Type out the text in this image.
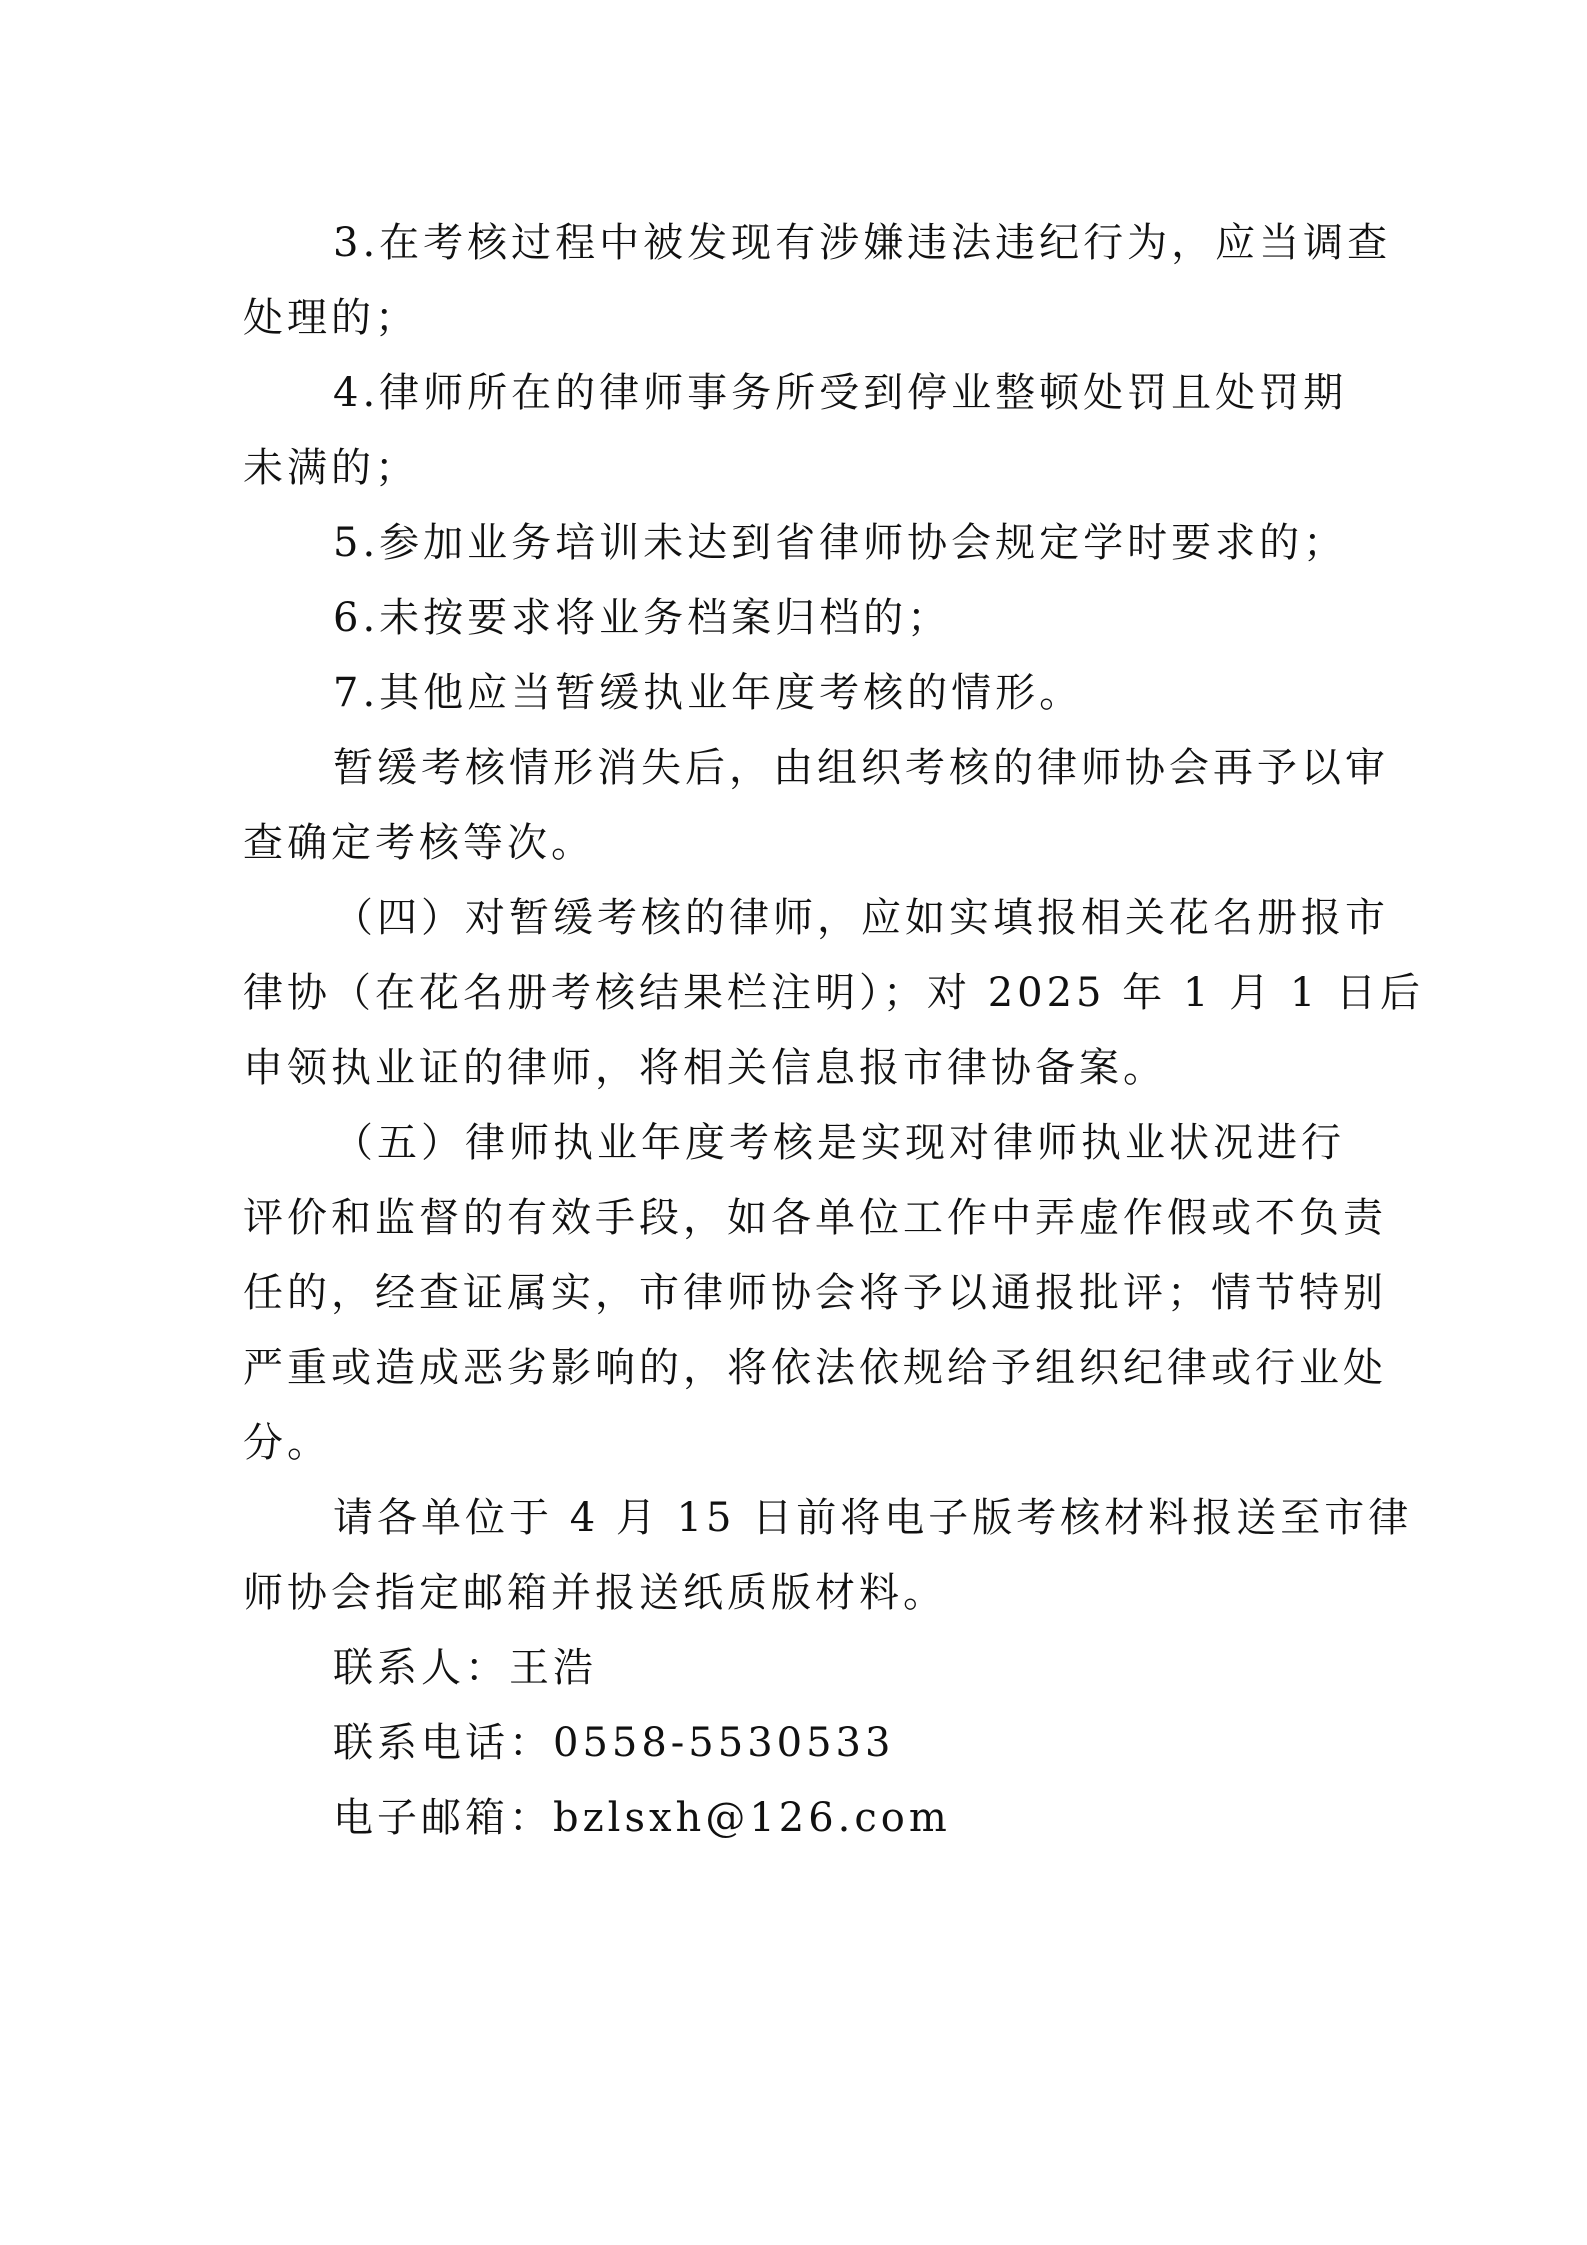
3.在考核过程中被发现有涉嫌违法违纪行为，应当调查
处理的；
4.律师所在的律师事务所受到停业整顿处罚且处罚期
未满的；
5.参加业务培训未达到省律师协会规定学时要求的；
6.未按要求将业务档案归档的；
7.其他应当暂缓执业年度考核的情形。
暂缓考核情形消失后，由组织考核的律师协会再予以审
查确定考核等次。
（四）对暂缓考核的律师，应如实填报相关花名册报市
律协（在花名册考核结果栏注明）；对 2025 年 1 月 1 日后
申领执业证的律师，将相关信息报市律协备案。
（五）律师执业年度考核是实现对律师执业状况进行
评价和监督的有效手段，如各单位工作中弄虚作假或不负责
任的，经查证属实，市律师协会将予以通报批评；情节特别
严重或造成恶劣影响的，将依法依规给予组织纪律或行业处
分。
请各单位于 4 月 15 日前将电子版考核材料报送至市律
师协会指定邮箱并报送纸质版材料。
联系人：王浩
联系电话：0558-5530533
电子邮箱：bzlsxh@126.com
